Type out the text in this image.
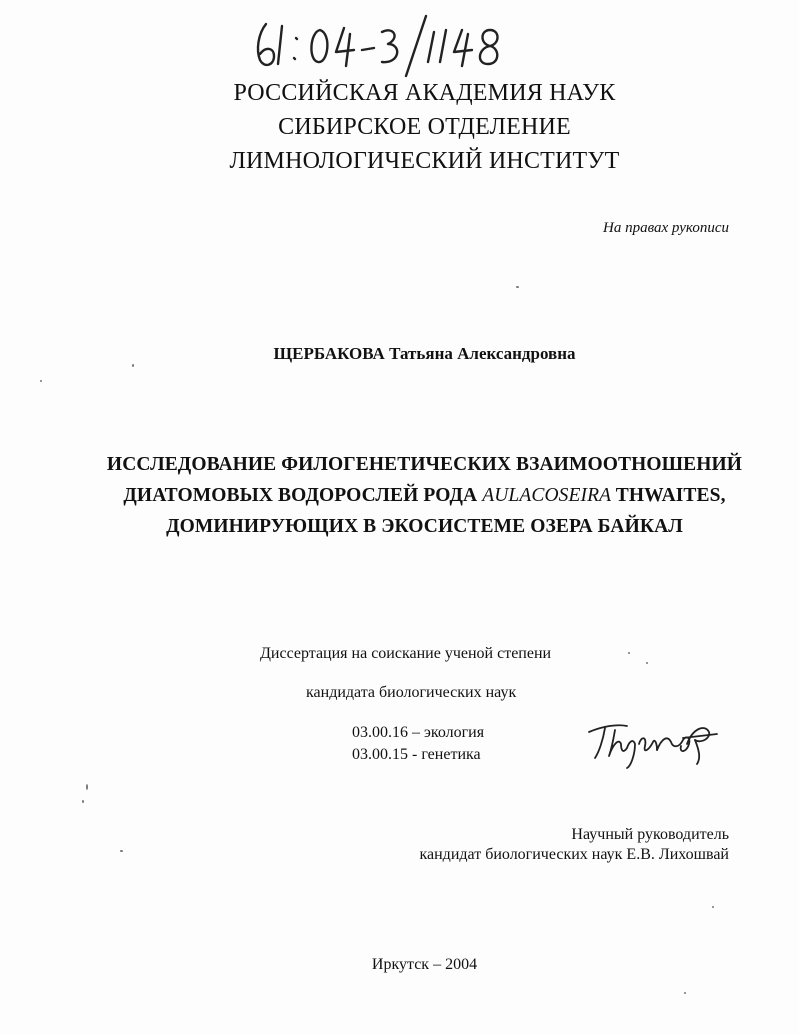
РОССИЙСКАЯ АКАДЕМИЯ НАУК
СИБИРСКОЕ ОТДЕЛЕНИЕ
ЛИМНОЛОГИЧЕСКИЙ ИНСТИТУТ
На правах рукописи
ЩЕРБАКОВА Татьяна Александровна
ИССЛЕДОВАНИЕ ФИЛОГЕНЕТИЧЕСКИХ ВЗАИМООТНОШЕНИЙ
ДИАТОМОВЫХ ВОДОРОСЛЕЙ РОДА AULACOSEIRA THWAITES,
ДОМИНИРУЮЩИХ В ЭКОСИСТЕМЕ ОЗЕРА БАЙКАЛ
Диссертация на соискание ученой степени
кандидата биологических наук
03.00.16 – экология
03.00.15 - генетика
Научный руководитель
кандидат биологических наук Е.В. Лихошвай
Иркутск – 2004
